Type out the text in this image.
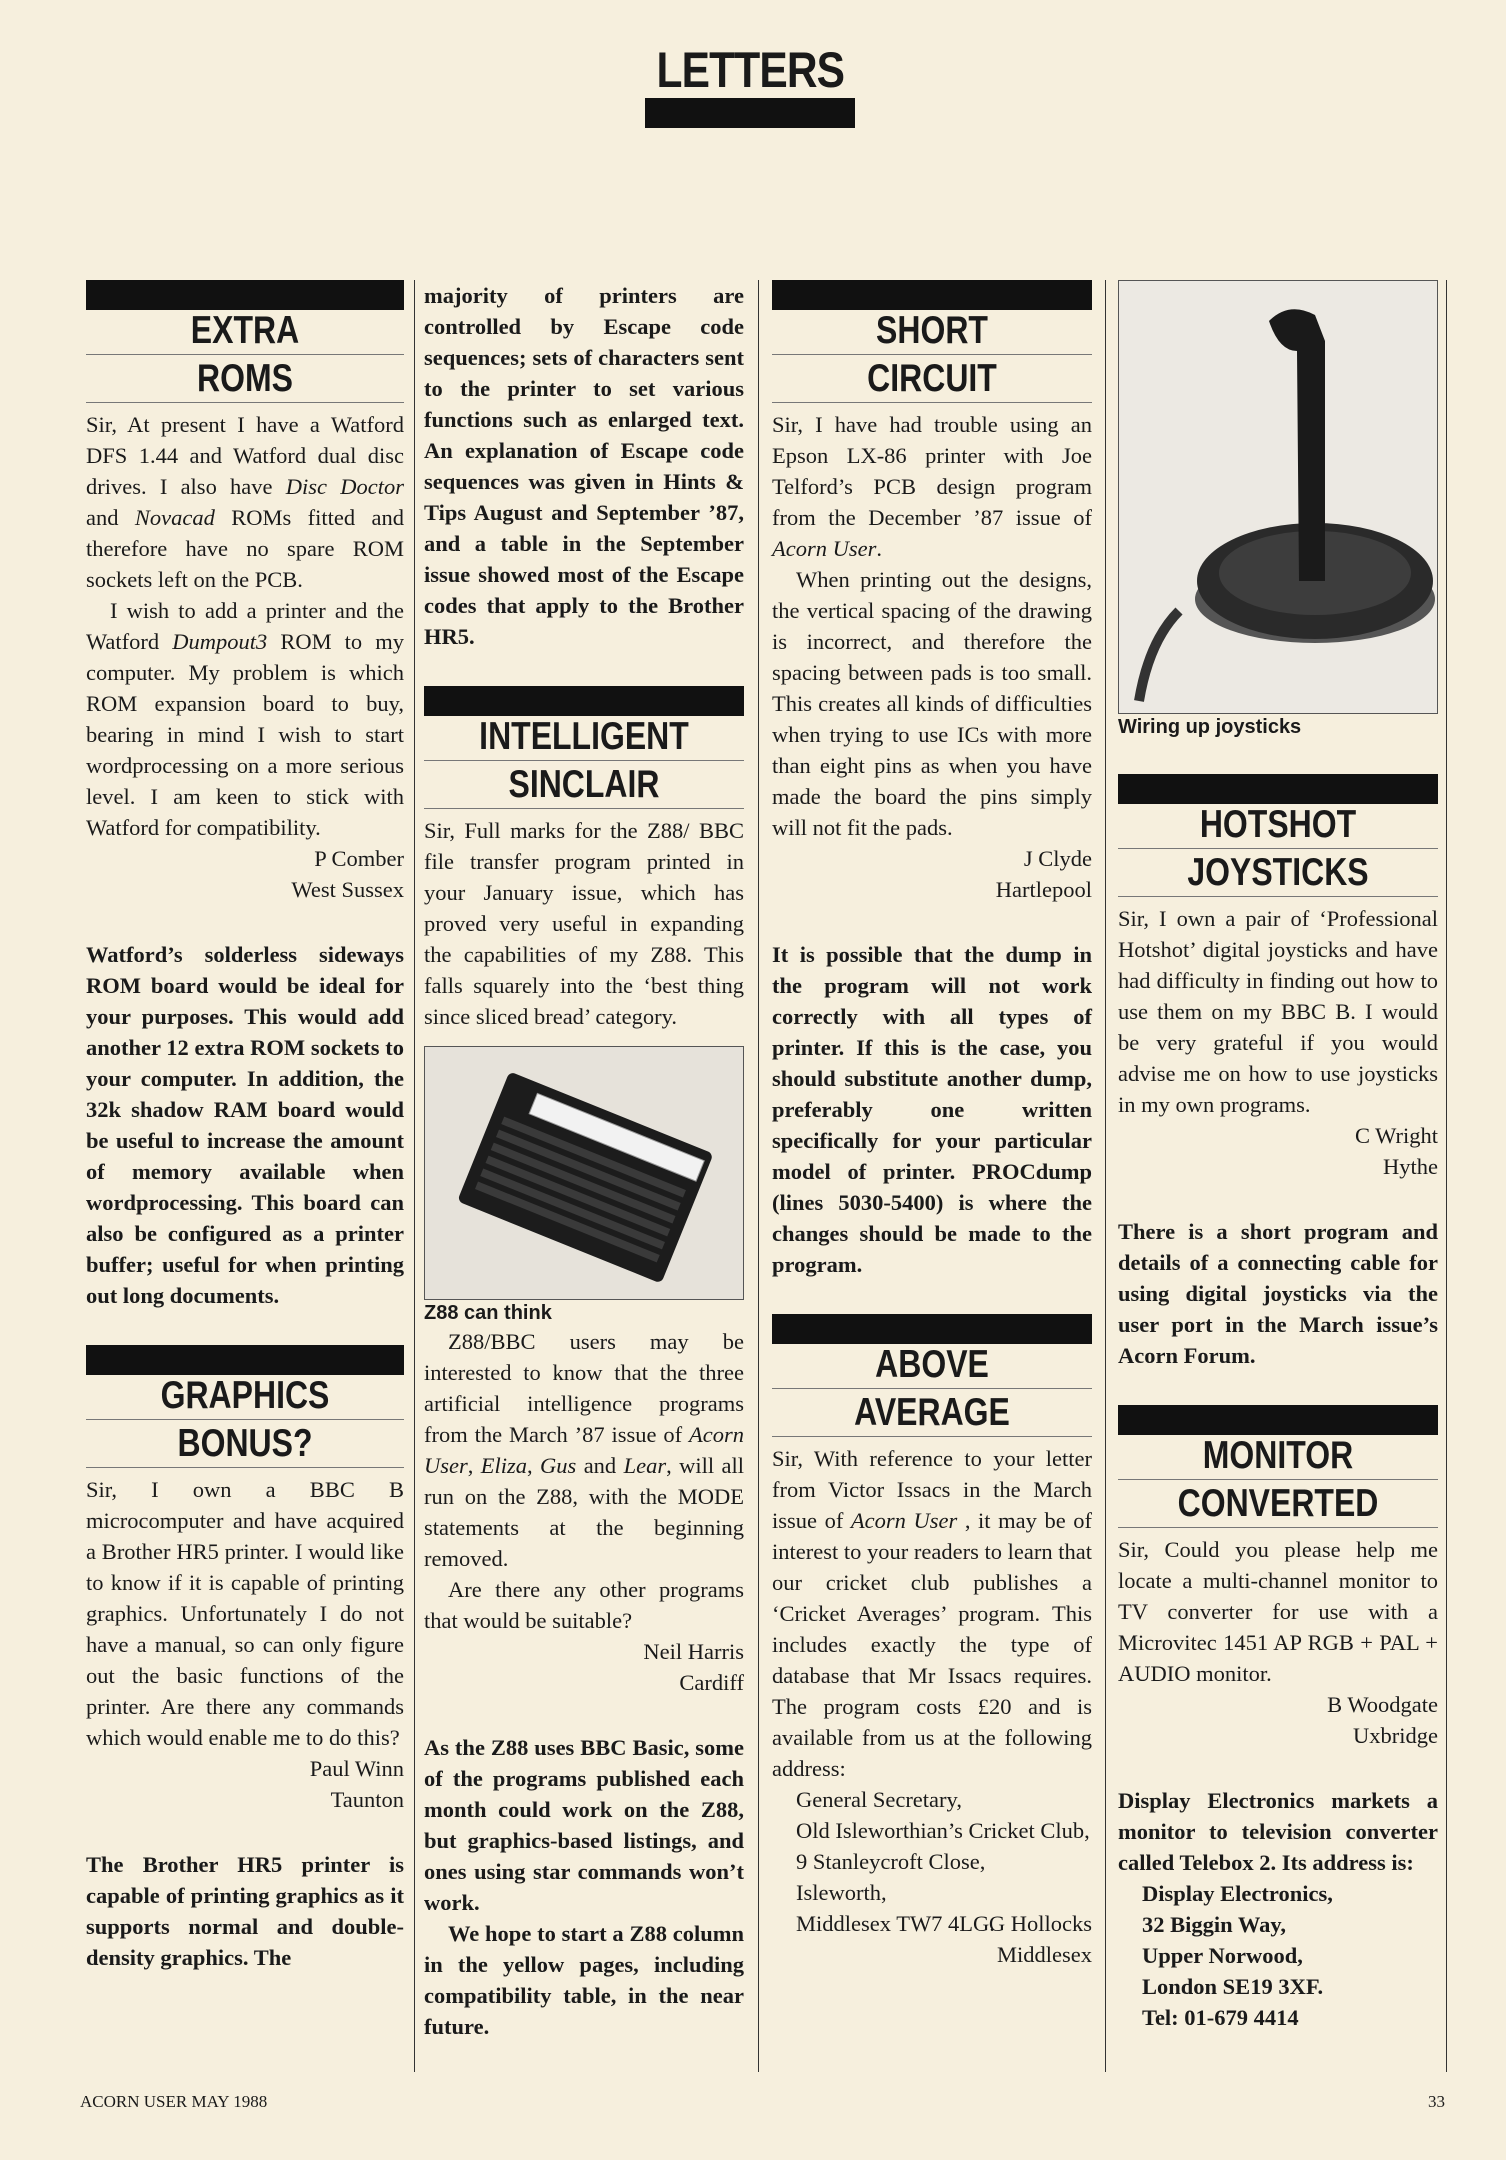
LETTERS
EXTRA
ROMS

Sir, At present I have a Watford DFS 1.44 and Watford dual disc drives. I also have Disc Doctor and Novacad ROMs fitted and therefore have no spare ROM sockets left on the PCB.

I wish to add a printer and the Watford Dumpout3 ROM to my computer. My problem is which ROM expansion board to buy, bearing in mind I wish to start wordprocessing on a more serious level. I am keen to stick with Watford for compatibility.

P Comber

West Sussex

Watford’s solderless sideways ROM board would be ideal for your purposes. This would add another 12 extra ROM sockets to your computer. In addition, the 32k shadow RAM board would be useful to increase the amount of memory available when wordprocessing. This board can also be configured as a printer buffer; useful for when printing out long documents.

GRAPHICS
BONUS?

Sir, I own a BBC B microcomputer and have acquired a Brother HR5 printer. I would like to know if it is capable of printing graphics. Unfortunately I do not have a manual, so can only figure out the basic functions of the printer. Are there any commands which would enable me to do this?

Paul Winn

Taunton

The Brother HR5 printer is capable of printing graphics as it supports normal and double-density graphics. The

majority of printers are controlled by Escape code sequences; sets of characters sent to the printer to set various functions such as enlarged text. An explanation of Escape code sequences was given in Hints & Tips August and September ’87, and a table in the September issue showed most of the Escape codes that apply to the Brother HR5.

INTELLIGENT
SINCLAIR

Sir, Full marks for the Z88/ BBC file transfer program printed in your January issue, which has proved very useful in expanding the capabilities of my Z88. This falls squarely into the ‘best thing since sliced bread’ category.

Z88 can think

Z88/BBC users may be interested to know that the three artificial intelligence programs from the March ’87 issue of Acorn User, Eliza, Gus and Lear, will all run on the Z88, with the MODE statements at the beginning removed.

Are there any other programs that would be suitable?

Neil Harris

Cardiff

As the Z88 uses BBC Basic, some of the programs published each month could work on the Z88, but graphics-based listings, and ones using star commands won’t work.

We hope to start a Z88 column in the yellow pages, including compatibility table, in the near future.

SHORT
CIRCUIT

Sir, I have had trouble using an Epson LX-86 printer with Joe Telford’s PCB design program from the December ’87 issue of Acorn User.

When printing out the designs, the vertical spacing of the drawing is incorrect, and therefore the spacing between pads is too small. This creates all kinds of difficulties when trying to use ICs with more than eight pins as when you have made the board the pins simply will not fit the pads.

J Clyde

Hartlepool

It is possible that the dump in the program will not work correctly with all types of printer. If this is the case, you should substitute another dump, preferably one written specifically for your particular model of printer. PROCdump (lines 5030-5400) is where the changes should be made to the program.

ABOVE
AVERAGE

Sir, With reference to your letter from Victor Issacs in the March issue of Acorn User , it may be of interest to your readers to learn that our cricket club publishes a ‘Cricket Averages’ program. This includes exactly the type of database that Mr Issacs requires. The program costs £20 and is available from us at the following address:

General Secretary,

Old Isleworthian’s Cricket Club,

9 Stanleycroft Close,

Isleworth,

Middlesex TW7 4LG.

G Hollocks

Middlesex

Wiring up joysticks

HOTSHOT
JOYSTICKS

Sir, I own a pair of ‘Professional Hotshot’ digital joysticks and have had difficulty in finding out how to use them on my BBC B. I would be very grateful if you would advise me on how to use joysticks in my own programs.

C Wright

Hythe

There is a short program and details of a connecting cable for using digital joysticks via the user port in the March issue’s Acorn Forum.

MONITOR
CONVERTED

Sir, Could you please help me locate a multi-channel monitor to TV converter for use with a Microvitec 1451 AP RGB + PAL + AUDIO monitor.

B Woodgate

Uxbridge

Display Electronics markets a monitor to television converter called Telebox 2. Its address is:

Display Electronics,

32 Biggin Way,

Upper Norwood,

London SE19 3XF.

Tel: 01-679 4414

ACORN USER MAY 1988	33
